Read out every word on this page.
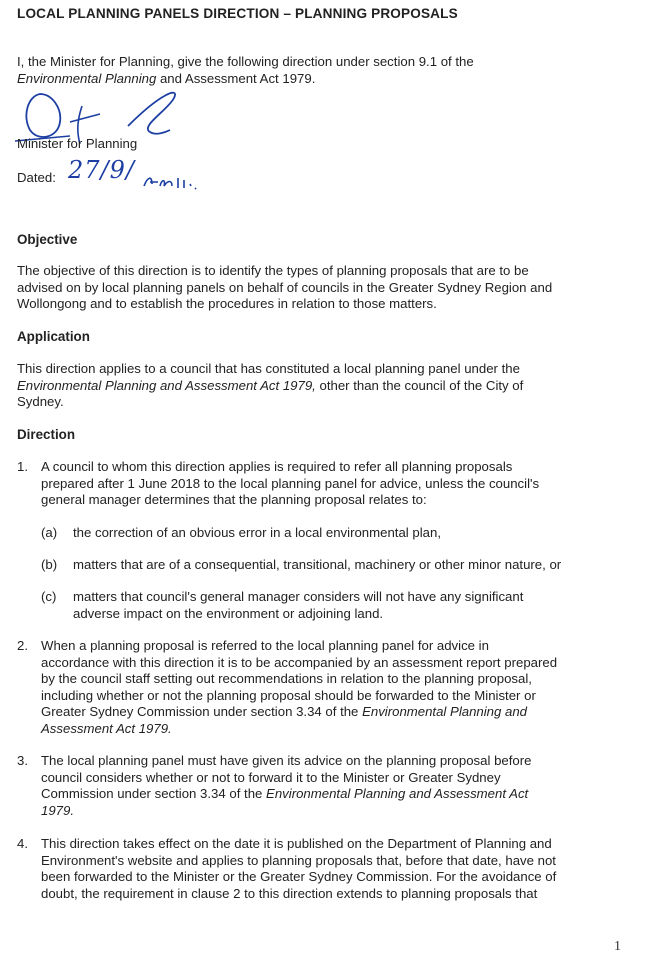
LOCAL PLANNING PANELS DIRECTION – PLANNING PROPOSALS
I, the Minister for Planning, give the following direction under section 9.1 of the
Environmental Planning and Assessment Act 1979.
Minister for Planning
Dated: 27/9/
Objective
The objective of this direction is to identify the types of planning proposals that are to be
advised on by local planning panels on behalf of councils in the Greater Sydney Region and
Wollongong and to establish the procedures in relation to those matters.
Application
This direction applies to a council that has constituted a local planning panel under the
Environmental Planning and Assessment Act 1979, other than the council of the City of
Sydney.
Direction
1. A council to whom this direction applies is required to refer all planning proposals
prepared after 1 June 2018 to the local planning panel for advice, unless the council's
general manager determines that the planning proposal relates to:
(a) the correction of an obvious error in a local environmental plan,
(b) matters that are of a consequential, transitional, machinery or other minor nature, or
(c) matters that council's general manager considers will not have any significant
adverse impact on the environment or adjoining land.
2. When a planning proposal is referred to the local planning panel for advice in
accordance with this direction it is to be accompanied by an assessment report prepared
by the council staff setting out recommendations in relation to the planning proposal,
including whether or not the planning proposal should be forwarded to the Minister or
Greater Sydney Commission under section 3.34 of the Environmental Planning and
Assessment Act 1979.
3. The local planning panel must have given its advice on the planning proposal before
council considers whether or not to forward it to the Minister or Greater Sydney
Commission under section 3.34 of the Environmental Planning and Assessment Act
1979.
4. This direction takes effect on the date it is published on the Department of Planning and
Environment's website and applies to planning proposals that, before that date, have not
been forwarded to the Minister or the Greater Sydney Commission. For the avoidance of
doubt, the requirement in clause 2 to this direction extends to planning proposals that
1
